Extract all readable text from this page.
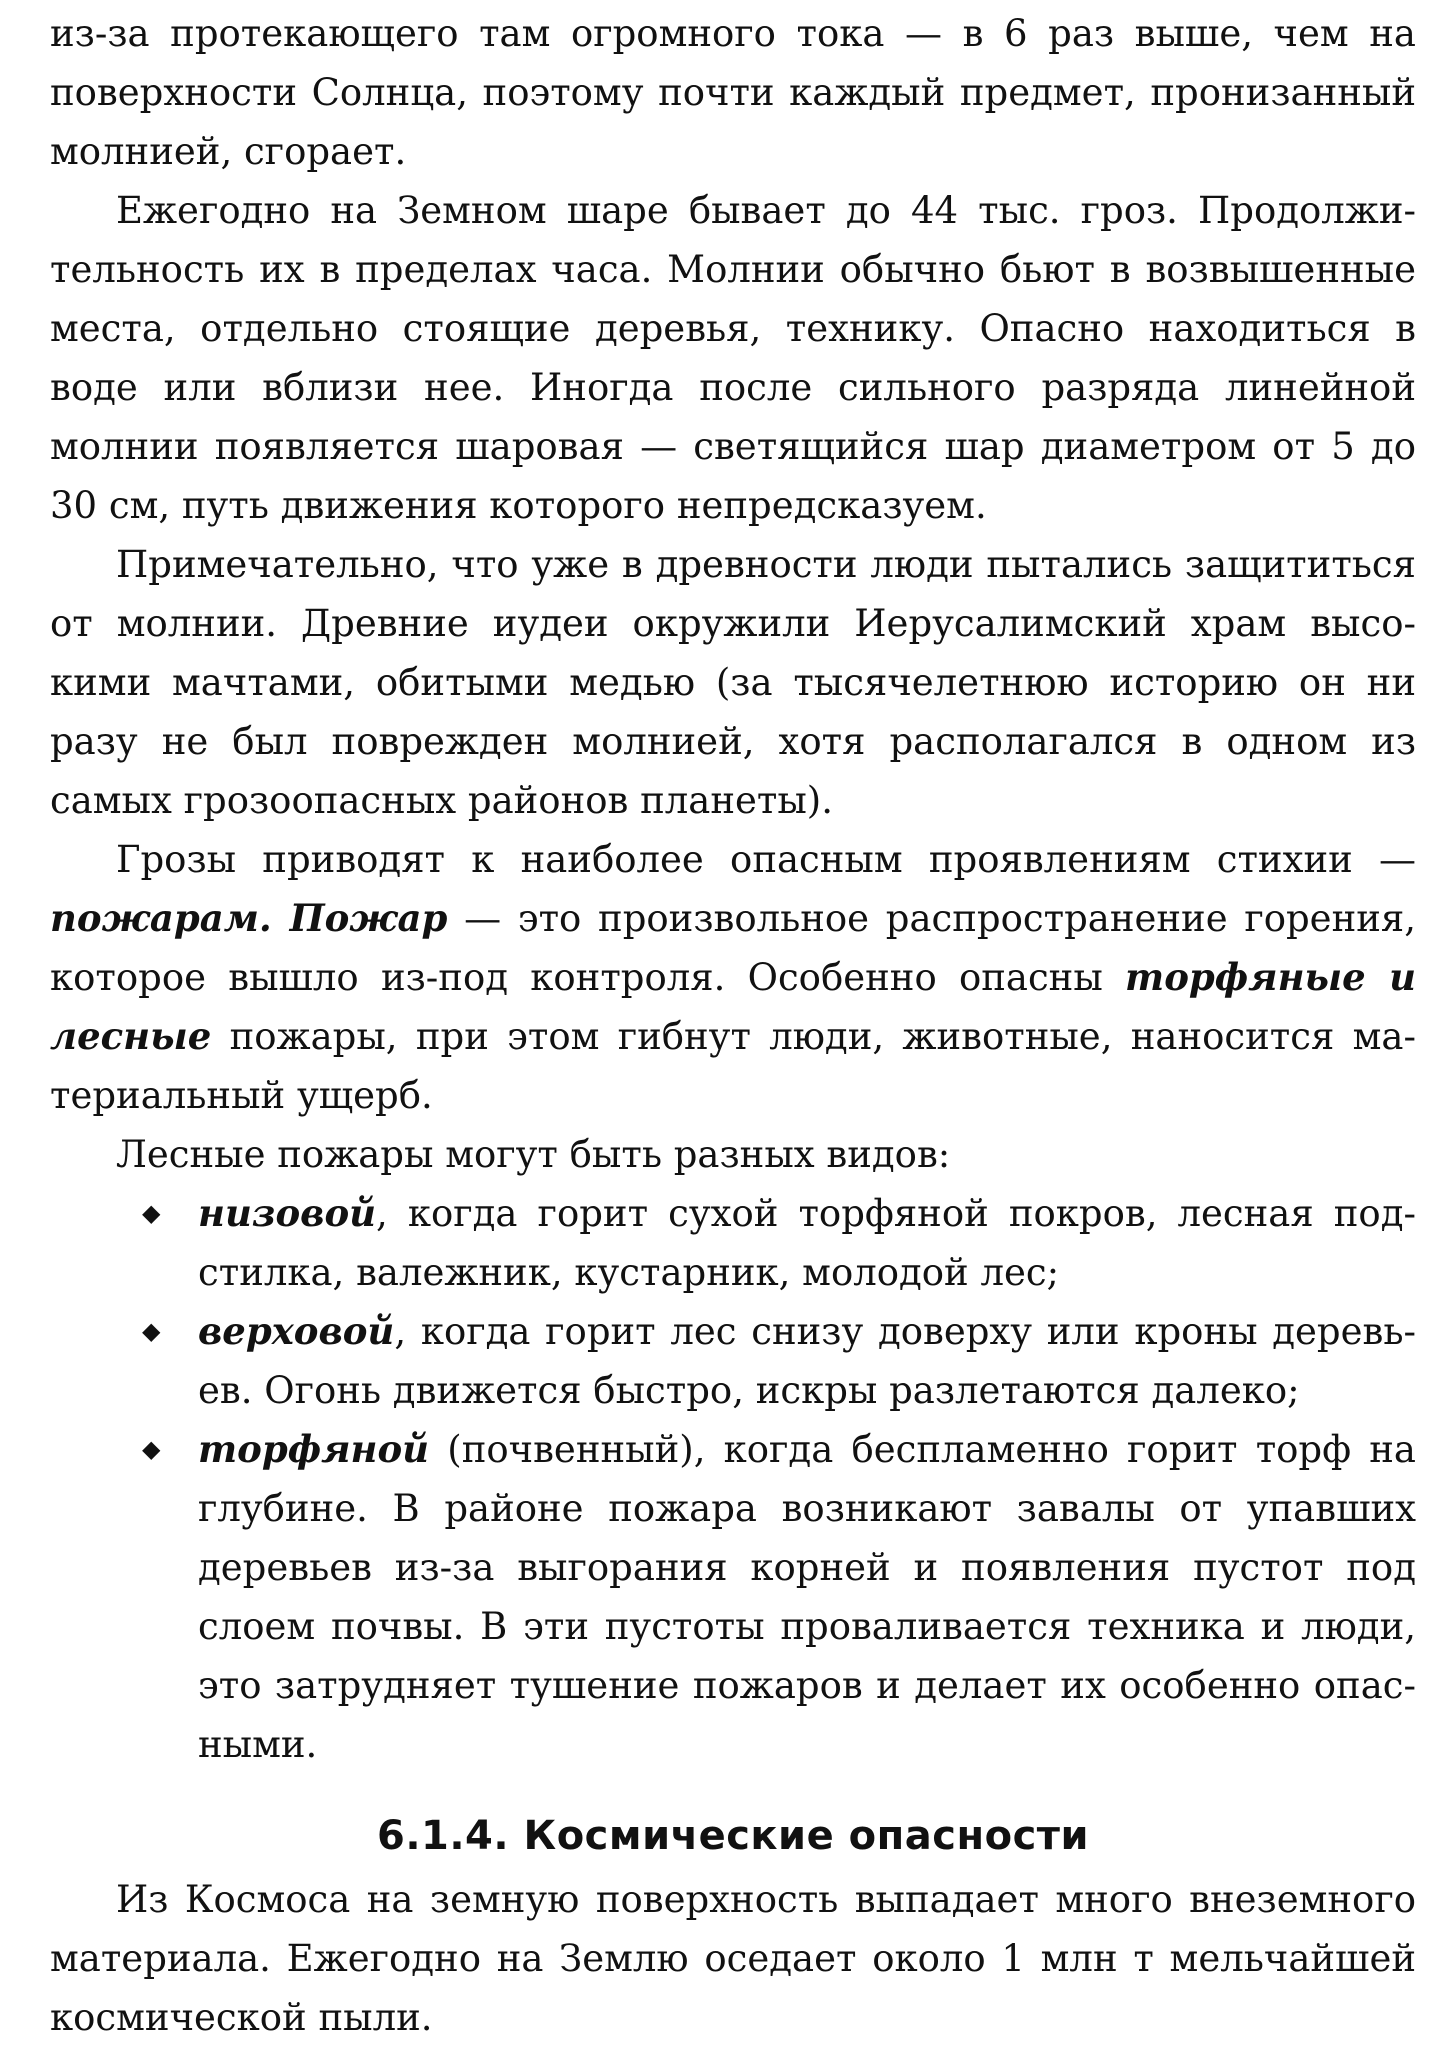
из-за протекающего там огромного тока — в 6 раз выше, чем на поверхности Солнца, поэтому почти каждый предмет, пронизанный молнией, сгорает.

Ежегодно на Земном шаре бывает до 44 тыс. гроз. Продолжительность их в пределах часа. Молнии обычно бьют в возвышенные места, отдельно стоящие деревья, технику. Опасно находиться в воде или вблизи нее. Иногда после сильного разряда линейной молнии появляется шаровая — светящийся шар диаметром от 5 до 30 см, путь движения которого непредсказуем.

Примечательно, что уже в древности люди пытались защититься от молнии. Древние иудеи окружили Иерусалимский храм высокими мачтами, обитыми медью (за тысячелетнюю историю он ни разу не был поврежден молнией, хотя располагался в одном из самых грозоопасных районов планеты).

Грозы приводят к наиболее опасным проявлениям стихии — пожарам. Пожар — это произвольное распространение горения, которое вышло из-под контроля. Особенно опасны торфяные и лесные пожары, при этом гибнут люди, животные, наносится материальный ущерб.

Лесные пожары могут быть разных видов:

◆ низовой, когда горит сухой торфяной покров, лесная подстилка, валежник, кустарник, молодой лес;
◆ верховой, когда горит лес снизу доверху или кроны деревьев. Огонь движется быстро, искры разлетаются далеко;
◆ торфяной (почвенный), когда беспламенно горит торф на глубине. В районе пожара возникают завалы от упавших деревьев из-за выгорания корней и появления пустот под слоем почвы. В эти пустоты проваливается техника и люди, это затрудняет тушение пожаров и делает их особенно опасными.
6.1.4. Космические опасности

Из Космоса на земную поверхность выпадает много внеземного материала. Ежегодно на Землю оседает около 1 млн т мельчайшей космической пыли.
